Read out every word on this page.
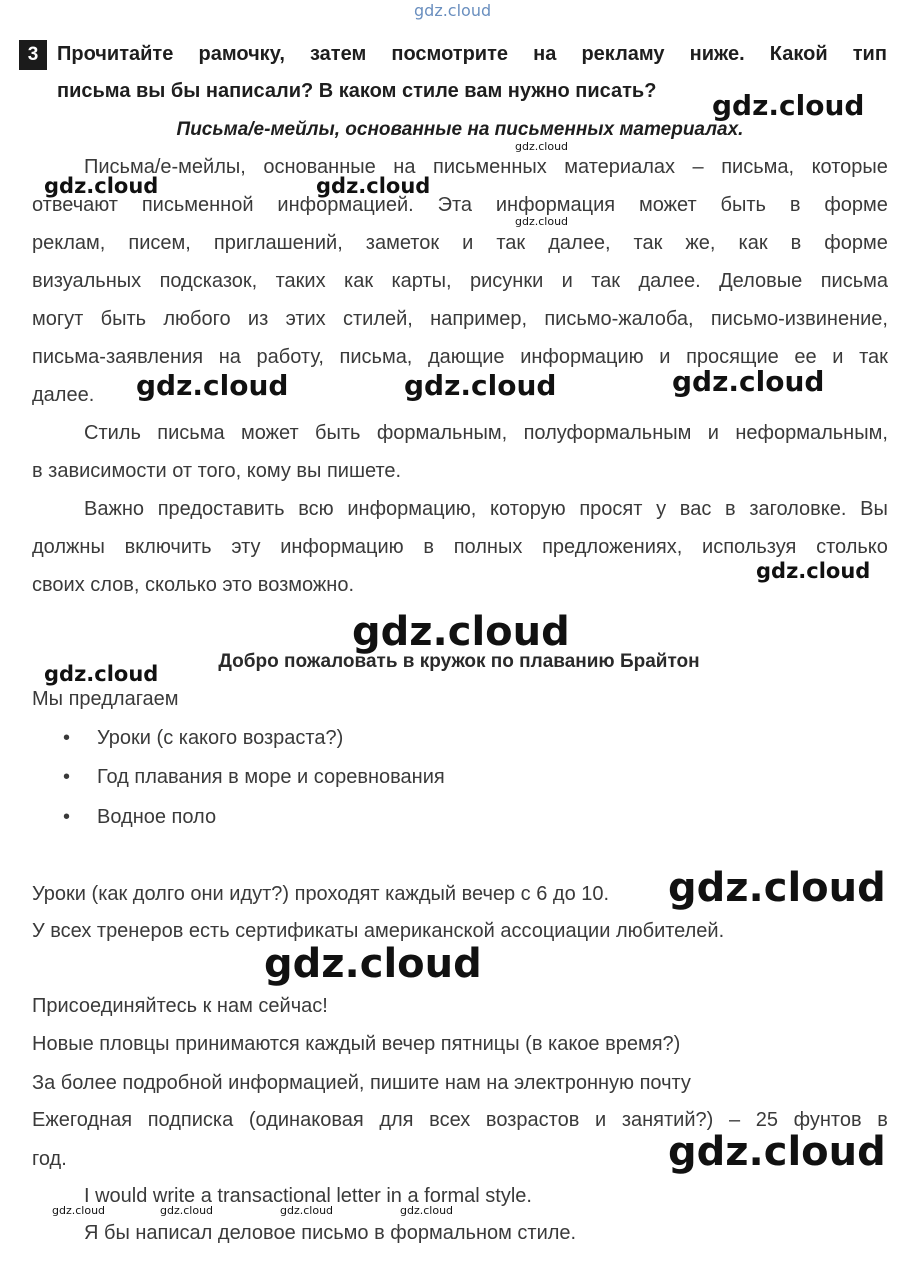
gdz.cloud
gdz.cloud
gdz.cloud
gdz.cloud	gdz.cloud
gdz.cloud
gdz.cloud	gdz.cloud	gdz.cloud
gdz.cloud
gdz.cloud
gdz.cloud
gdz.cloud
gdz.cloud
gdz.cloud
gdz.cloud	gdz.cloud	gdz.cloud	gdz.cloud
3 Прочитайте рамочку, затем посмотрите на рекламу ниже. Какой тип
письма вы бы написали? В каком стиле вам нужно писать?
Письма/е-мейлы, основанные на письменных материалах.
Письма/е-мейлы, основанные на письменных материалах – письма, которые
отвечают письменной информацией. Эта информация может быть в форме
реклам, писем, приглашений, заметок и так далее, так же, как в форме
визуальных подсказок, таких как карты, рисунки и так далее. Деловые письма
могут быть любого из этих стилей, например, письмо-жалоба, письмо-извинение,
письма-заявления на работу, письма, дающие информацию и просящие ее и так
далее.
Стиль письма может быть формальным, полуформальным и неформальным,
в зависимости от того, кому вы пишете.
Важно предоставить всю информацию, которую просят у вас в заголовке. Вы
должны включить эту информацию в полных предложениях, используя столько
своих слов, сколько это возможно.
Добро пожаловать в кружок по плаванию Брайтон
Мы предлагаем
• Уроки (с какого возраста?)
• Год плавания в море и соревнования
• Водное поло
Уроки (как долго они идут?) проходят каждый вечер с 6 до 10.
У всех тренеров есть сертификаты американской ассоциации любителей.
Присоединяйтесь к нам сейчас!
Новые пловцы принимаются каждый вечер пятницы (в какое время?)
За более подробной информацией, пишите нам на электронную почту
Ежегодная подписка (одинаковая для всех возрастов и занятий?) – 25 фунтов в
год.
I would write a transactional letter in a formal style.
Я бы написал деловое письмо в формальном стиле.
